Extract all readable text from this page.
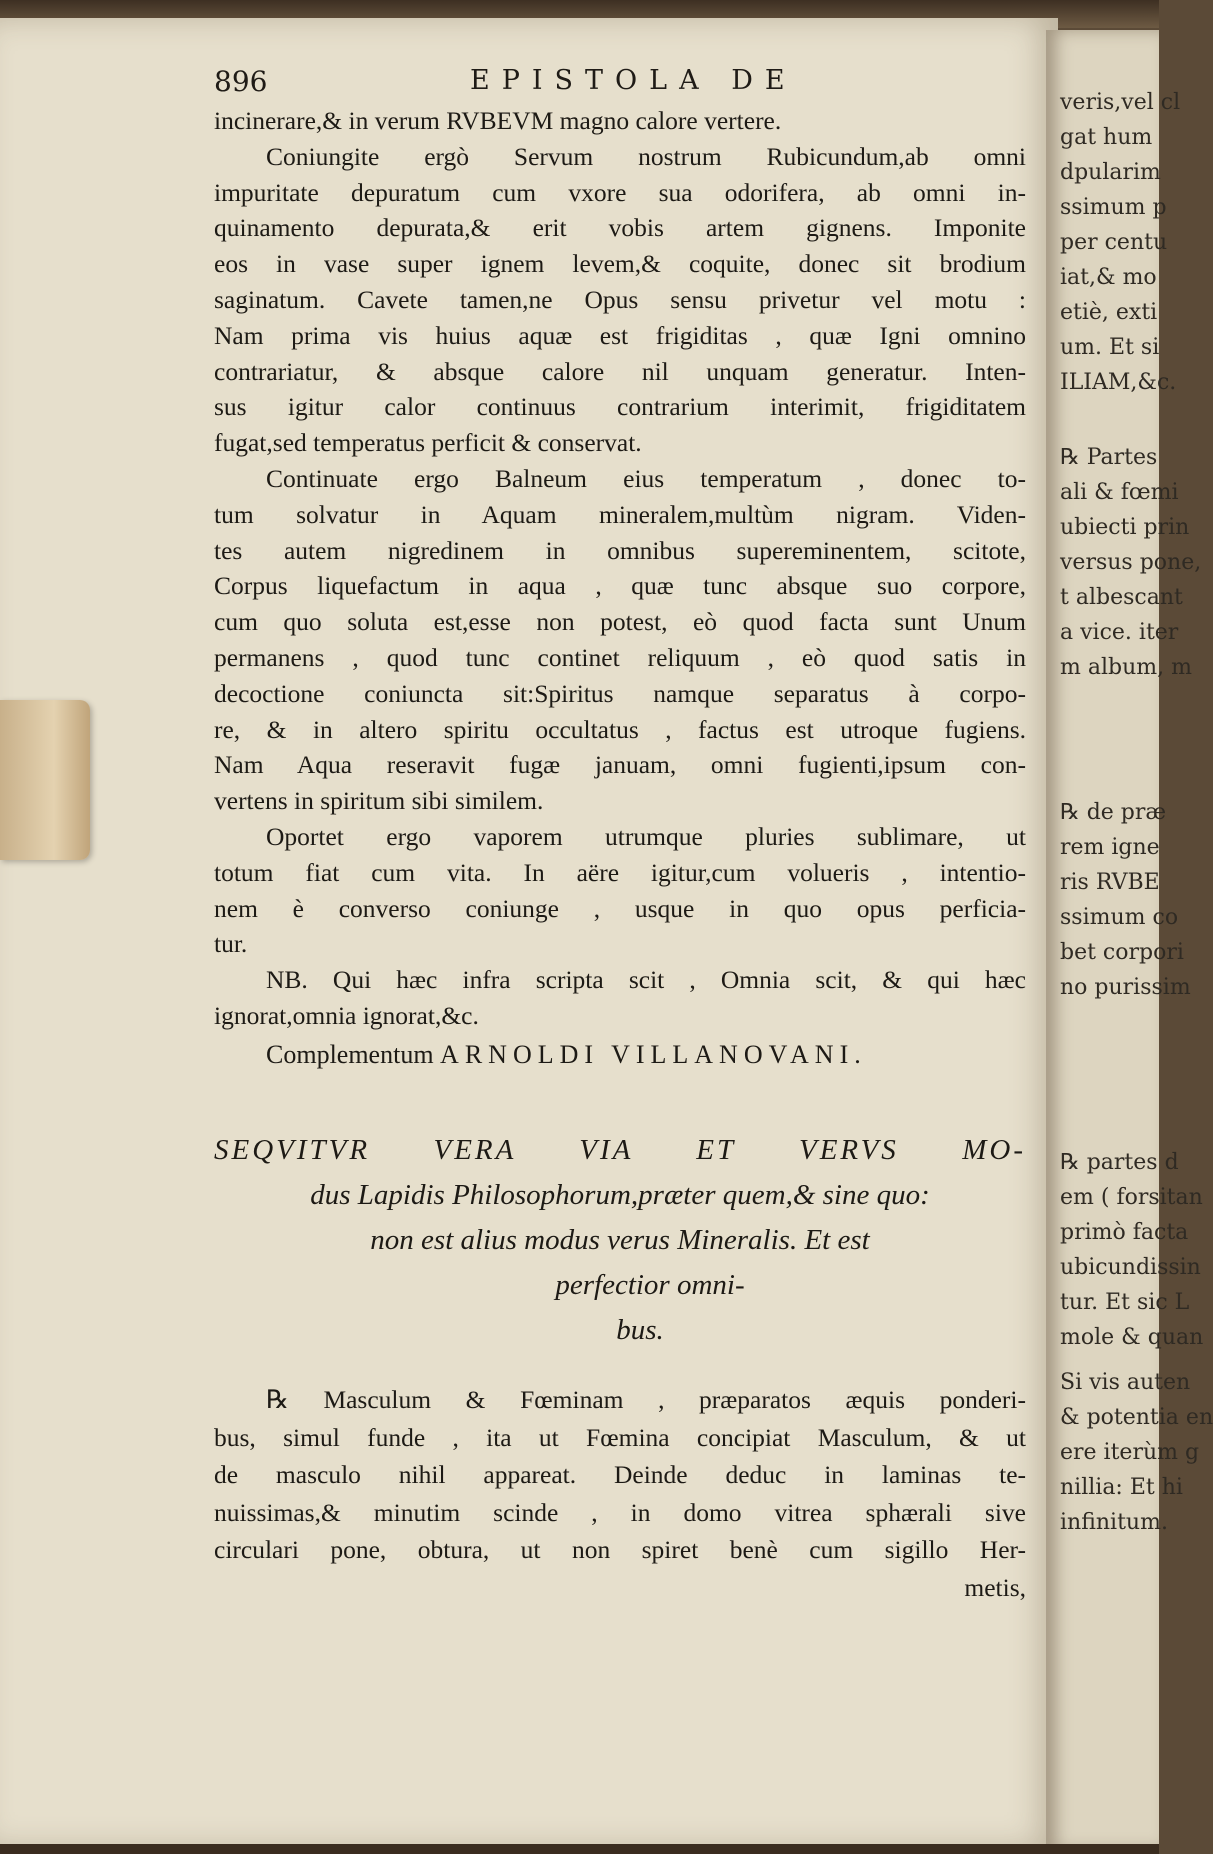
896	EPISTOLA DE
incinerare,& in verum RVBEVM magno calore vertere.
Coniungite ergò Servum nostrum Rubicundum,ab omni
impuritate depuratum cum vxore sua odorifera, ab omni in-
quinamento depurata,& erit vobis artem gignens. Imponite
eos in vase super ignem levem,& coquite, donec sit brodium
saginatum. Cavete tamen,ne Opus sensu privetur vel motu :
Nam prima vis huius aquæ est frigiditas , quæ Igni omnino
contrariatur, & absque calore nil unquam generatur. Inten-
sus igitur calor continuus contrarium interimit, frigiditatem
fugat,sed temperatus perficit & conservat.
Continuate ergo Balneum eius temperatum , donec to-
tum solvatur in Aquam mineralem,multùm nigram. Viden-
tes autem nigredinem in omnibus supereminentem, scitote,
Corpus liquefactum in aqua , quæ tunc absque suo corpore,
cum quo soluta est,esse non potest, eò quod facta sunt Unum
permanens , quod tunc continet reliquum , eò quod satis in
decoctione coniuncta sit:Spiritus namque separatus à corpo-
re, & in altero spiritu occultatus , factus est utroque fugiens.
Nam Aqua reseravit fugæ januam, omni fugienti,ipsum con-
vertens in spiritum sibi similem.
Oportet ergo vaporem utrumque pluries sublimare, ut
totum fiat cum vita. In aëre igitur,cum volueris , intentio-
nem è converso coniunge , usque in quo opus perficia-
tur.
NB. Qui hæc infra scripta scit , Omnia scit, & qui hæc
ignorat,omnia ignorat,&c.
Complementum ARNOLDI VILLANOVANI.
SEQVITVR VERA VIA ET VERVS MO-
dus Lapidis Philosophorum,præter quem,& sine quo:
non est alius modus verus Mineralis. Et est
perfectior omni-
bus.
℞ Masculum & Fœminam , præparatos æquis ponderi-
bus, simul funde , ita ut Fœmina concipiat Masculum, & ut
de masculo nihil appareat. Deinde deduc in laminas te-
nuissimas,& minutim scinde , in domo vitrea sphærali sive
circulari pone, obtura, ut non spiret benè cum sigillo Her-
metis,
veris,vel cl
gat hum
dpularim
ssimum p
per centu
iat,& mo
etiè, exti
um. Et si
ILIAM,&c.
℞ Partes
ali & fœmi
ubiecti prin
versus pone,
t albescant
a vice. iter
m album, m
℞ de præ
rem igne
ris RVBE
ssimum co
bet corpori
no purissim
℞ partes d
em ( forsitan
primò facta
ubicundissin
tur. Et sic L
mole & quan
Si vis auten
& potentia en
ere iterùm g
nillia: Et hi
infinitum.
